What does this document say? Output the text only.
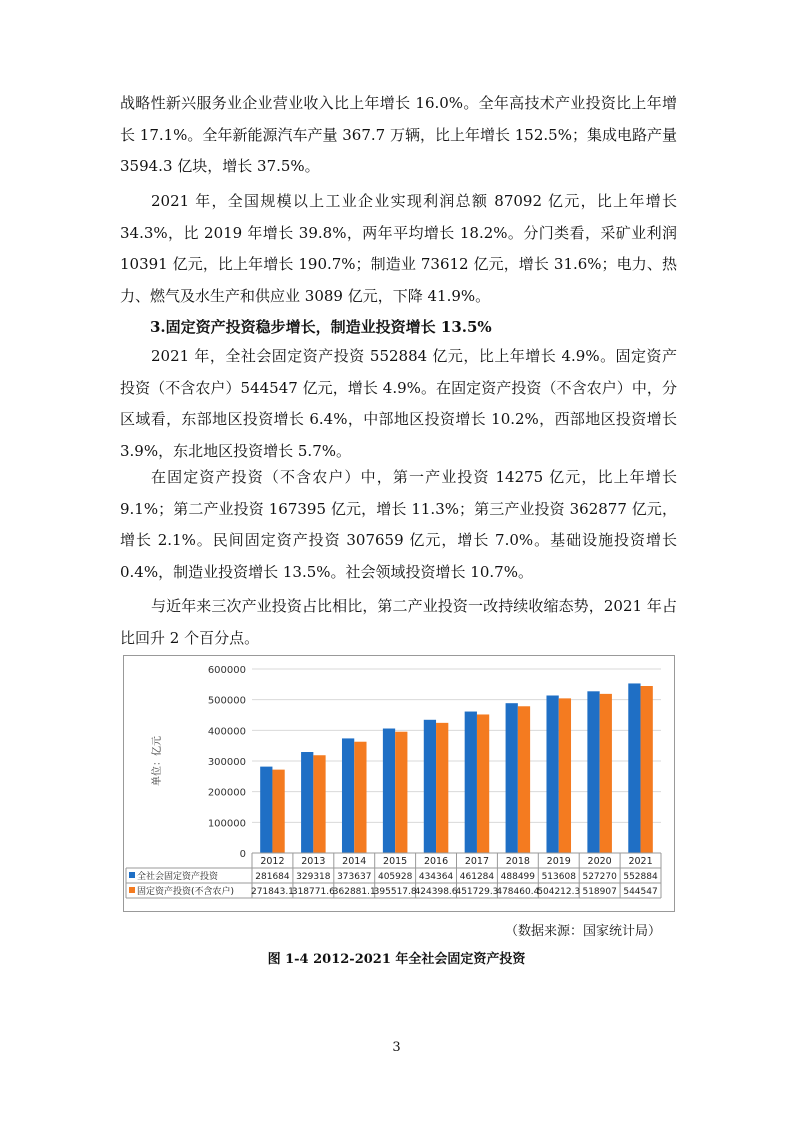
战略性新兴服务业企业营业收入比上年增长 16.0%。全年高技术产业投资比上年增长 17.1%。全年新能源汽车产量 367.7 万辆，比上年增长 152.5%；集成电路产量 3594.3 亿块，增长 37.5%。

2021 年，全国规模以上工业企业实现利润总额 87092 亿元，比上年增长 34.3%，比 2019 年增长 39.8%，两年平均增长 18.2%。分门类看，采矿业利润 10391 亿元，比上年增长 190.7%；制造业 73612 亿元，增长 31.6%；电力、热力、燃气及水生产和供应业 3089 亿元，下降 41.9%。

3.固定资产投资稳步增长，制造业投资增长 13.5%

2021 年，全社会固定资产投资 552884 亿元，比上年增长 4.9%。固定资产投资（不含农户）544547 亿元，增长 4.9%。在固定资产投资（不含农户）中，分区域看，东部地区投资增长 6.4%，中部地区投资增长 10.2%，西部地区投资增长 3.9%，东北地区投资增长 5.7%。

在固定资产投资（不含农户）中，第一产业投资 14275 亿元，比上年增长 9.1%；第二产业投资 167395 亿元，增长 11.3%；第三产业投资 362877 亿元，增长 2.1%。民间固定资产投资 307659 亿元，增长 7.0%。基础设施投资增长 0.4%，制造业投资增长 13.5%。社会领域投资增长 10.7%。

与近年来三次产业投资占比相比，第二产业投资一改持续收缩态势，2021 年占比回升 2 个百分点。

0
100000
200000
300000
400000
500000
600000
单位：亿元
2012 2013 2014 2015 2016 2017 2018 2019 2020 2021
全社会固定资产投资	281684 329318 373637 405928 434364 461284 488499 513608 527270 552884
固定资产投资(不含农户) 271843.1
318771.6
362881.1
395517.8
424398.6
451729.3
478460.4
504212.3 518907 544547
（数据来源：国家统计局）
图 1-4 2012-2021 年全社会固定资产投资
3
